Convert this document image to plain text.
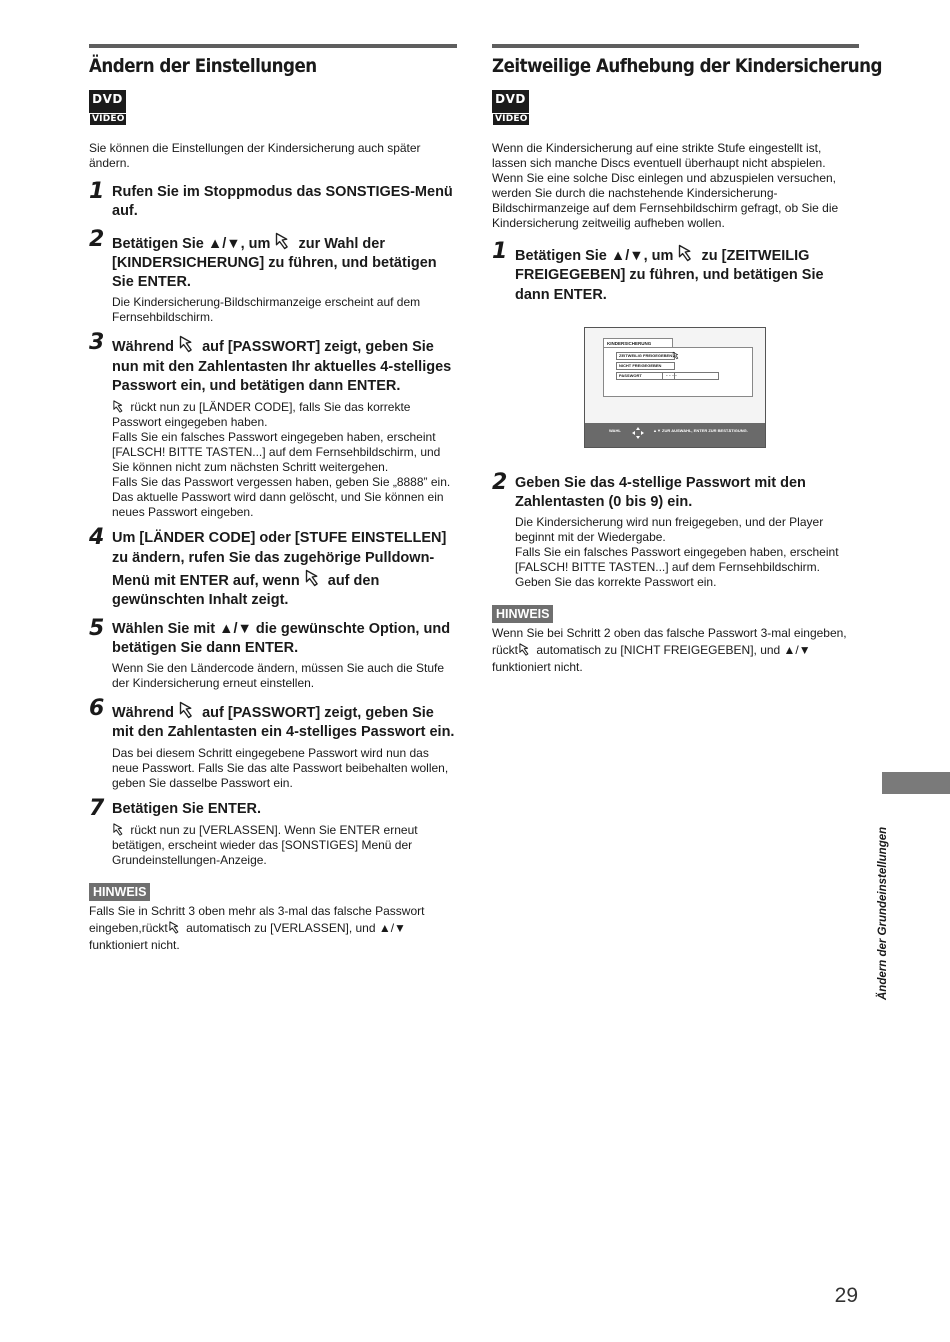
Ändern der Einstellungen
DVD
VIDEO
Sie können die Einstellungen der Kindersicherung auch später ändern.
1 Rufen Sie im Stoppmodus das SONSTIGES-Menü auf.
2 Betätigen Sie ▲/▼, um zur Wahl der [KINDERSICHERUNG] zu führen, und betätigen Sie ENTER.
Die Kindersicherung-Bildschirmanzeige erscheint auf dem Fernsehbildschirm.
3 Während auf [PASSWORT] zeigt, geben Sie nun mit den Zahlentasten Ihr aktuelles 4-stelliges Passwort ein, und betätigen dann ENTER.
rückt nun zu [LÄNDER CODE], falls Sie das korrekte Passwort eingegeben haben.
Falls Sie ein falsches Passwort eingegeben haben, erscheint [FALSCH! BITTE TASTEN...] auf dem Fernsehbildschirm, und Sie können nicht zum nächsten Schritt weitergehen.
Falls Sie das Passwort vergessen haben, geben Sie „8888” ein. Das aktuelle Passwort wird dann gelöscht, und Sie können ein neues Passwort eingeben.
4 Um [LÄNDER CODE] oder [STUFE EINSTELLEN] zu ändern, rufen Sie das zugehörige Pulldown-Menü mit ENTER auf, wenn auf den gewünschten Inhalt zeigt.
5 Wählen Sie mit ▲/▼ die gewünschte Option, und betätigen Sie dann ENTER.
Wenn Sie den Ländercode ändern, müssen Sie auch die Stufe der Kindersicherung erneut einstellen.
6 Während auf [PASSWORT] zeigt, geben Sie mit den Zahlentasten ein 4-stelliges Passwort ein.
Das bei diesem Schritt eingegebene Passwort wird nun das neue Passwort. Falls Sie das alte Passwort beibehalten wollen, geben Sie dasselbe Passwort ein.
7 Betätigen Sie ENTER.
rückt nun zu [VERLASSEN]. Wenn Sie ENTER erneut betätigen, erscheint wieder das [SONSTIGES] Menü der Grundeinstellungen-Anzeige.
HINWEIS
Falls Sie in Schritt 3 oben mehr als 3-mal das falsche Passwort eingeben,rückt automatisch zu [VERLASSEN], und ▲/▼ funktioniert nicht.
Zeitweilige Aufhebung der Kindersicherung
DVD
VIDEO
Wenn die Kindersicherung auf eine strikte Stufe eingestellt ist, lassen sich manche Discs eventuell überhaupt nicht abspielen. Wenn Sie eine solche Disc einlegen und abzuspielen versuchen, werden Sie durch die nachstehende Kindersicherung-Bildschirmanzeige auf dem Fernsehbildschirm gefragt, ob Sie die Kindersicherung zeitweilig aufheben wollen.
1 Betätigen Sie ▲/▼, um zu [ZEITWEILIG FREIGEGEBEN] zu führen, und betätigen Sie dann ENTER.
KINDERSICHERUNG
ZEITWEILIG FREIGEGEBEN
NICHT FREIGEGEBEN
PASSWORT	- - - -
WAHL	▲▼ ZUR AUSWAHL, ENTER ZUR BESTÄTIGUNG.
2 Geben Sie das 4-stellige Passwort mit den Zahlentasten (0 bis 9) ein.
Die Kindersicherung wird nun freigegeben, und der Player beginnt mit der Wiedergabe.
Falls Sie ein falsches Passwort eingegeben haben, erscheint [FALSCH! BITTE TASTEN...] auf dem Fernsehbildschirm. Geben Sie das korrekte Passwort ein.
HINWEIS
Wenn Sie bei Schritt 2 oben das falsche Passwort 3-mal eingeben, rückt automatisch zu [NICHT FREIGEGEBEN], und ▲/▼ funktioniert nicht.
Ändern der Grundeinstellungen
29
